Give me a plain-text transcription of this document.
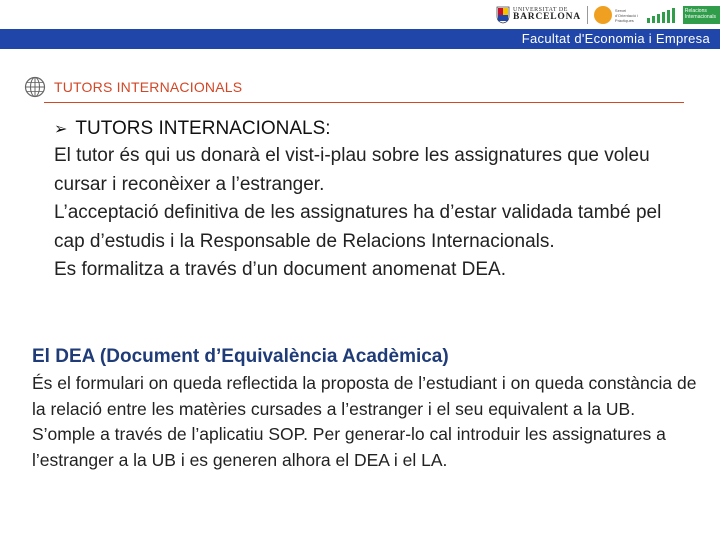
UNIVERSITAT DE
BARCELONA
Servei d'Orientació i Pràctiques
Relacions Internacionals
Facultat d'Economia i Empresa
TUTORS INTERNACIONALS
➢ TUTORS INTERNACIONALS:
El tutor és qui us donarà el vist-i-plau sobre les assignatures que voleu cursar i reconèixer a l’estranger.
L’acceptació definitiva de les assignatures ha d’estar validada també pel cap d’estudis i la Responsable de Relacions Internacionals.
Es formalitza a través d’un document anomenat DEA.
El DEA (Document d’Equivalència Acadèmica)
És el formulari on queda reflectida la proposta de l’estudiant i on queda constància de la relació entre les matèries cursades a l’estranger i el seu equivalent a la UB.
S’omple a través de l’aplicatiu SOP. Per generar-lo cal introduir les assignatures a l’estranger a la UB i es generen alhora el DEA i el LA.
